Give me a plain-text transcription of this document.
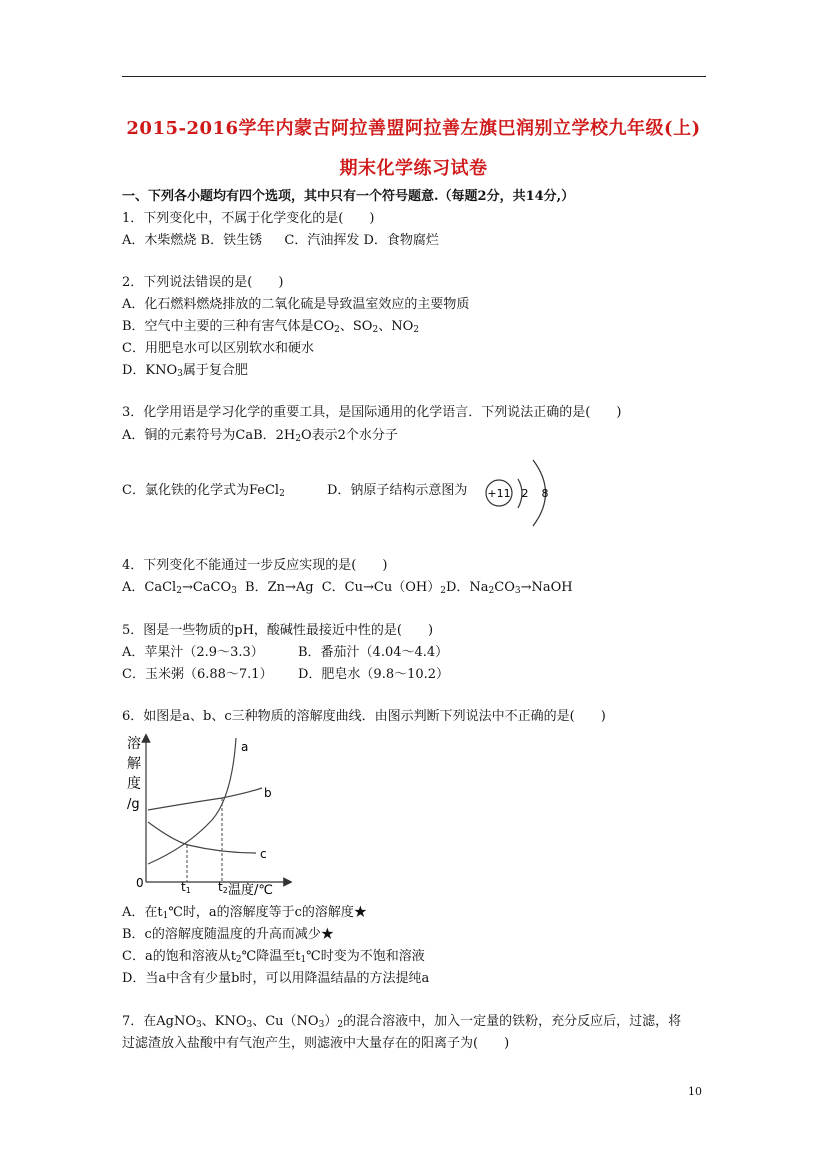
2015-2016学年内蒙古阿拉善盟阿拉善左旗巴润别立学校九年级(上)
期末化学练习试卷
一、下列各小题均有四个选项，其中只有一个符号题意.（每题2分，共14分,）
1．下列变化中，不属于化学变化的是(　　)
A．木柴燃烧 B．铁生锈 C．汽油挥发 D．食物腐烂
2．下列说法错误的是(　　)
A．化石燃料燃烧排放的二氧化硫是导致温室效应的主要物质
B．空气中主要的三种有害气体是$CO_2$、$SO_2$、$NO_2$
C．用肥皂水可以区别软水和硬水
D．$KNO_3$属于复合肥
3．化学用语是学习化学的重要工具，是国际通用的化学语言．下列说法正确的是(　　)
A．铜的元素符号为CaB．$2H_2O$表示2个水分子
C．氯化铁的化学式为FeCl$_2$	D．钠原子结构示意图为 +11 2 8
4．下列变化不能通过一步反应实现的是(　　)
A．CaCl$_2$→CaCO$_3$ B．Zn→Ag C．$Cu\to Cu(OH)_2D$．$Na_2CO_3\to NaOH$
5．图是一些物质的pH，酸碱性最接近中性的是(　　)
A．苹果汁（2.9～3.3）	B．番茄汁（4.04～4.4）
C．玉米粥（6.88～7.1） D．肥皂水（9.8～10.2）
6．如图是a、b、c三种物质的溶解度曲线．由图示判断下列说法中不正确的是(　　)
溶
解
度
/g
0
a
b
c
t1 t2 温度/℃
A．在$t_1℃$时，a的溶解度等于c的溶解度★
B．c的溶解度随温度的升高而减少★
C．a的饱和溶液从$t_2℃$降温至$t_1℃$时变为不饱和溶液
D．当a中含有少量b时，可以用降温结晶的方法提纯a
7．在AgNO$_3$、$KNO_3$、$Cu(NO_3)_2$的混合溶液中，加入一定量的铁粉，充分反应后，过滤，将
过滤渣放入盐酸中有气泡产生，则滤液中大量存在的阳离子为(　　)
10
